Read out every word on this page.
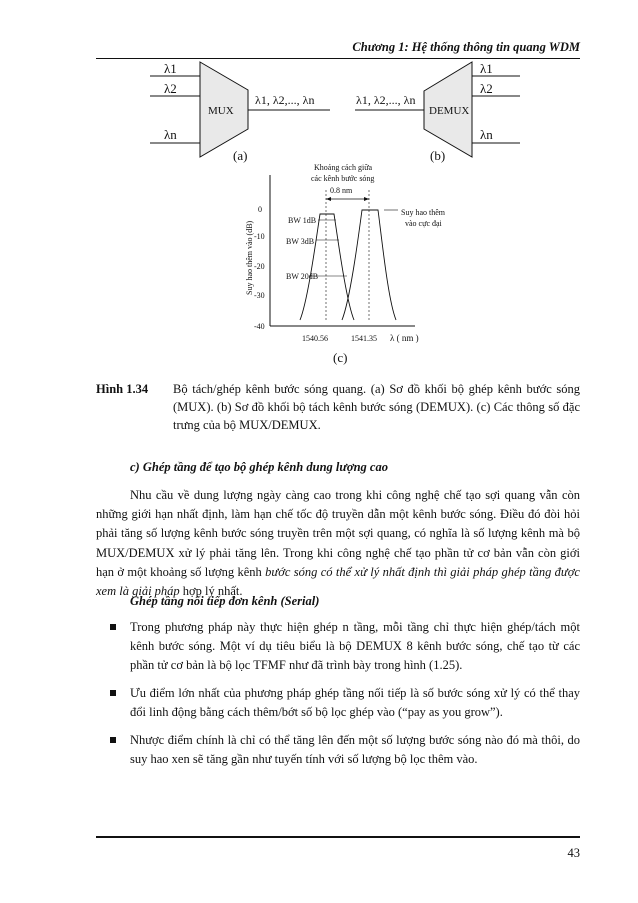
Chương 1: Hệ thống thông tin quang WDM
λ1
λ2
λn
MUX
λ1, λ2,..., λn
(a)
λ1, λ2,..., λn
DEMUX
λ1
λ2
λn
(b)
Suy hao thêm vào (dB)
0
-10
-20
-30
-40
1540.56	1541.35 λ ( nm )
Khoảng cách giữa
các kênh bước sóng
0.8 nm
Suy hao thêm
vào cực đại
BW 1dB
BW 3dB
BW 20dB
(c)
Hình 1.34	Bộ tách/ghép kênh bước sóng quang. (a) Sơ đồ khối bộ ghép kênh bước sóng (MUX). (b) Sơ đồ khối bộ tách kênh bước sóng (DEMUX). (c) Các thông số đặc trưng của bộ MUX/DEMUX.
c) Ghép tầng để tạo bộ ghép kênh dung lượng cao
Nhu cầu về dung lượng ngày càng cao trong khi công nghệ chế tạo sợi quang vẫn còn những giới hạn nhất định, làm hạn chế tốc độ truyền dẫn một kênh bước sóng. Điều đó đòi hỏi phải tăng số lượng kênh bước sóng truyền trên một sợi quang, có nghĩa là số lượng kênh mà bộ MUX/DEMUX xử lý phải tăng lên. Trong khi công nghệ chế tạo phần tử cơ bản vẫn còn giới hạn ở một khoảng số lượng kênh bước sóng có thể xử lý nhất định thì giải pháp ghép tầng được xem là giải pháp hợp lý nhất.
Ghép tầng nối tiếp đơn kênh (Serial)
Trong phương pháp này thực hiện ghép n tầng, mỗi tầng chỉ thực hiện ghép/tách một kênh bước sóng. Một ví dụ tiêu biểu là bộ DEMUX 8 kênh bước sóng, chế tạo từ các phần tử cơ bản là bộ lọc TFMF như đã trình bày trong hình (1.25).
Ưu điểm lớn nhất của phương pháp ghép tầng nối tiếp là số bước sóng xử lý có thể thay đổi linh động bằng cách thêm/bớt số bộ lọc ghép vào (“pay as you grow”).
Nhược điểm chính là chỉ có thể tăng lên đến một số lượng bước sóng nào đó mà thôi, do suy hao xen sẽ tăng gần như tuyến tính với số lượng bộ lọc thêm vào.
43
